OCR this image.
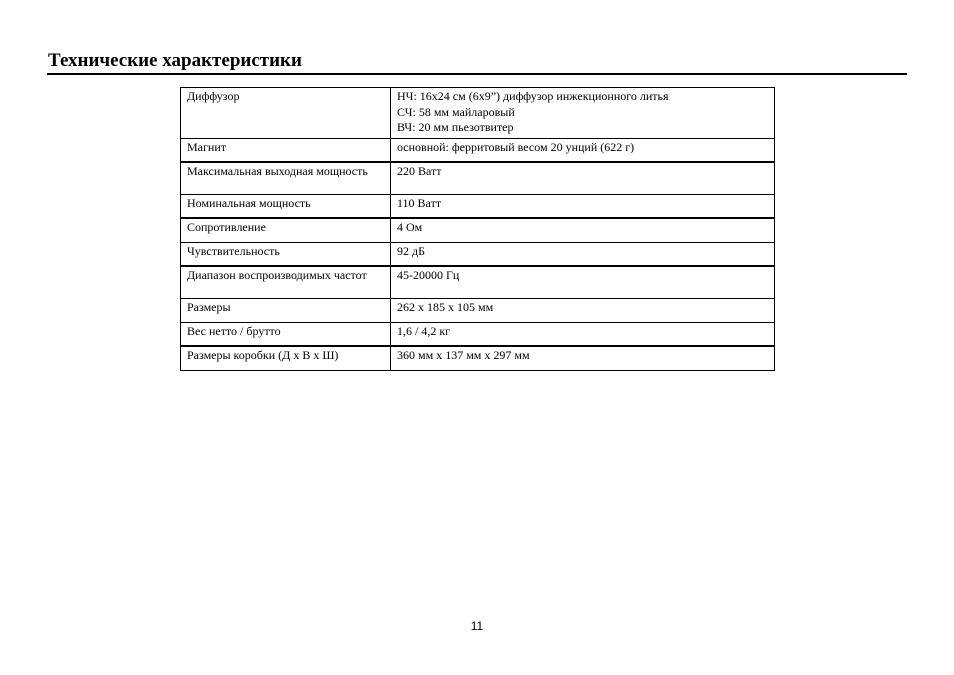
Технические характеристики
Диффузор	НЧ: 16x24 см (6x9”) диффузор инжекционного литья
СЧ: 58 мм майларовый
ВЧ: 20 мм пьезотвитер

Магнит	основной: ферритовый весом 20 унций (622 г)
Максимальная выходная мощность	220 Ватт
Номинальная мощность	110 Ватт
Сопротивление	4 Ом
Чувствительность	92 дБ
Диапазон воспроизводимых частот	45-20000 Гц
Размеры	262 х 185 х 105 мм
Вес нетто / брутто	1,6 / 4,2 кг
Размеры коробки (Д х В х Ш)	360 мм х 137 мм х 297 мм
11
